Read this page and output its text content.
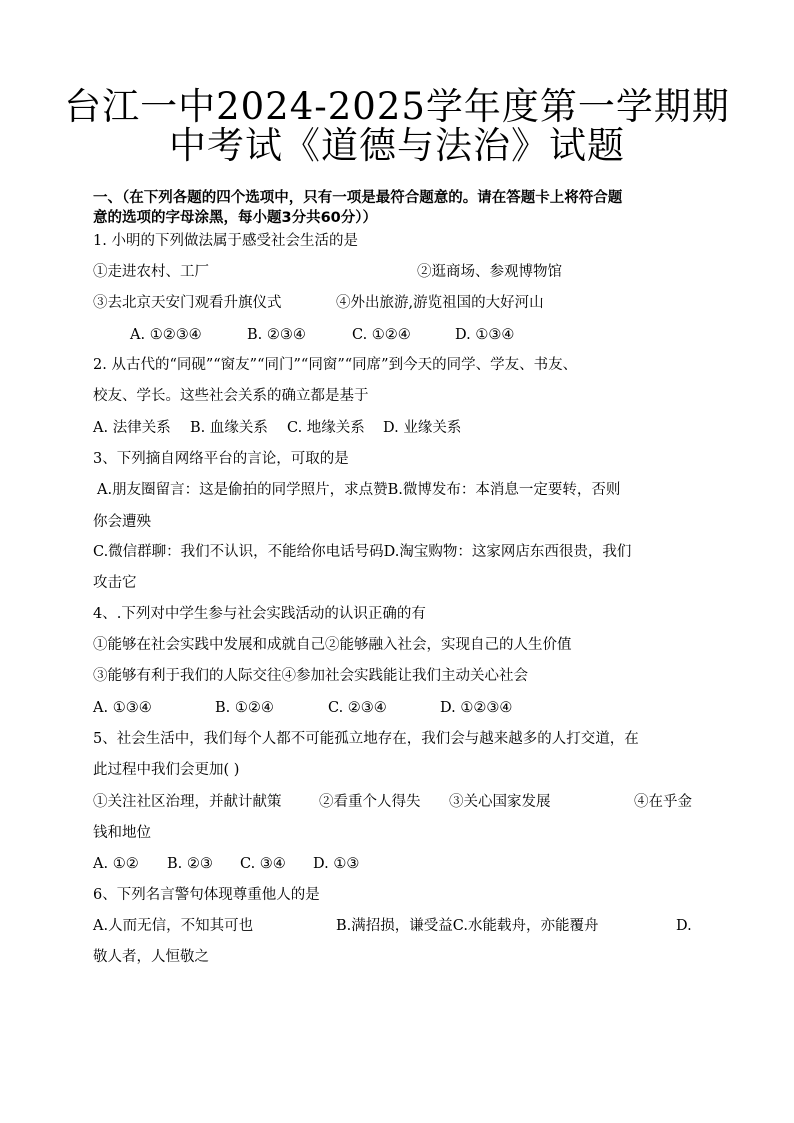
台江一中2024-2025学年度第一学期期
中考试《道德与法治》试题
一、（在下列各题的四个选项中，只有一项是最符合题意的。请在答题卡上将符合题
意的选项的字母涂黑，每小题3分共60分））
1. 小明的下列做法属于感受社会生活的是
①走进农村、工厂	②逛商场、参观博物馆
③去北京天安门观看升旗仪式	④外出旅游,游览祖国的大好河山
A. ①②③④	B. ②③④	C. ①②④	D. ①③④
2. 从古代的“同砚”“窗友”“同门”“同窗”“同席”到今天的同学、学友、书友、
校友、学长。这些社会关系的确立都是基于
A. 法律关系 B. 血缘关系 C. 地缘关系 D. 业缘关系
3、下列摘自网络平台的言论，可取的是
A.朋友圈留言：这是偷拍的同学照片，求点赞B.微博发布：本消息一定要转，否则
你会遭殃
C.微信群聊：我们不认识，不能给你电话号码D.淘宝购物：这家网店东西很贵，我们
攻击它
4、.下列对中学生参与社会实践活动的认识正确的有
①能够在社会实践中发展和成就自己②能够融入社会，实现自己的人生价值
③能够有利于我们的人际交往④参加社会实践能让我们主动关心社会
A. ①③④	B. ①②④	C. ②③④	D. ①②③④
5、社会生活中，我们每个人都不可能孤立地存在，我们会与越来越多的人打交道，在
此过程中我们会更加( )
①关注社区治理，并献计献策	②看重个人得失 ③关心国家发展	④在乎金
钱和地位
A. ①② B. ②③ C. ③④ D. ①③
6、下列名言警句体现尊重他人的是
A.人而无信，不知其可也	B.满招损，谦受益C.水能载舟，亦能覆舟	D.
敬人者，人恒敬之
